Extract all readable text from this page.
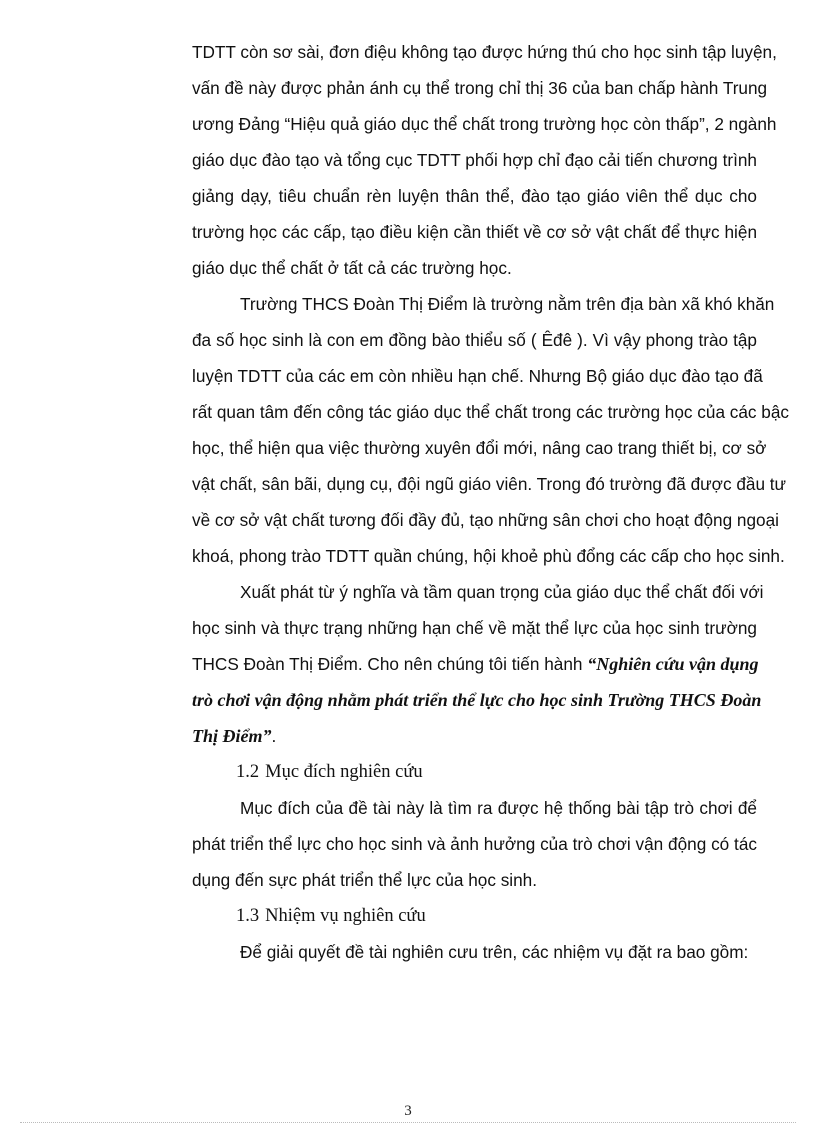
TDTT còn sơ sài, đơn điệu không tạo được hứng thú cho học sinh tập luyện,
vấn đề này được phản ánh cụ thể trong chỉ thị 36 của ban chấp hành Trung
ương Đảng “Hiệu quả giáo dục thể chất trong trường học còn thấp”, 2 ngành
giáo dục đào tạo và tổng cục TDTT phối hợp chỉ đạo cải tiến chương trình
giảng dạy, tiêu chuẩn rèn luyện thân thể, đào tạo giáo viên thể dục cho
trường học các cấp, tạo điều kiện cần thiết về cơ sở vật chất để thực hiện
giáo dục thể chất ở tất cả các trường học.
Trường THCS Đoàn Thị Điểm là trường nằm trên địa bàn xã khó khăn
đa số học sinh là con em đồng bào thiểu số ( Êđê ). Vì vậy phong trào tập
luyện TDTT của các em còn nhiều hạn chế. Nhưng Bộ giáo dục đào tạo đã
rất quan tâm đến công tác giáo dục thể chất trong các trường học của các bậc
học, thể hiện qua việc thường xuyên đổi mới, nâng cao trang thiết bị, cơ sở
vật chất, sân bãi, dụng cụ, đội ngũ giáo viên. Trong đó trường đã được đầu tư
về cơ sở vật chất tương đối đầy đủ, tạo những sân chơi cho hoạt động ngoại
khoá, phong trào TDTT quần chúng, hội khoẻ phù đổng các cấp cho học sinh.
Xuất phát từ ý nghĩa và tầm quan trọng của giáo dục thể chất đối với
học sinh và thực trạng những hạn chế về mặt thể lực của học sinh trường
THCS Đoàn Thị Điểm. Cho nên chúng tôi tiến hành “Nghiên cứu vận dụng
trò chơi vận động nhằm phát triển thể lực cho học sinh Trường THCS Đoàn
Thị Điểm”.
1.2 Mục đích nghiên cứu
Mục đích của đề tài này là tìm ra được hệ thống bài tập trò chơi để
phát triển thể lực cho học sinh và ảnh hưởng của trò chơi vận động có tác
dụng đến sực phát triển thể lực của học sinh.
1.3 Nhiệm vụ nghiên cứu
Để giải quyết đề tài nghiên cưu trên, các nhiệm vụ đặt ra bao gồm:
3
